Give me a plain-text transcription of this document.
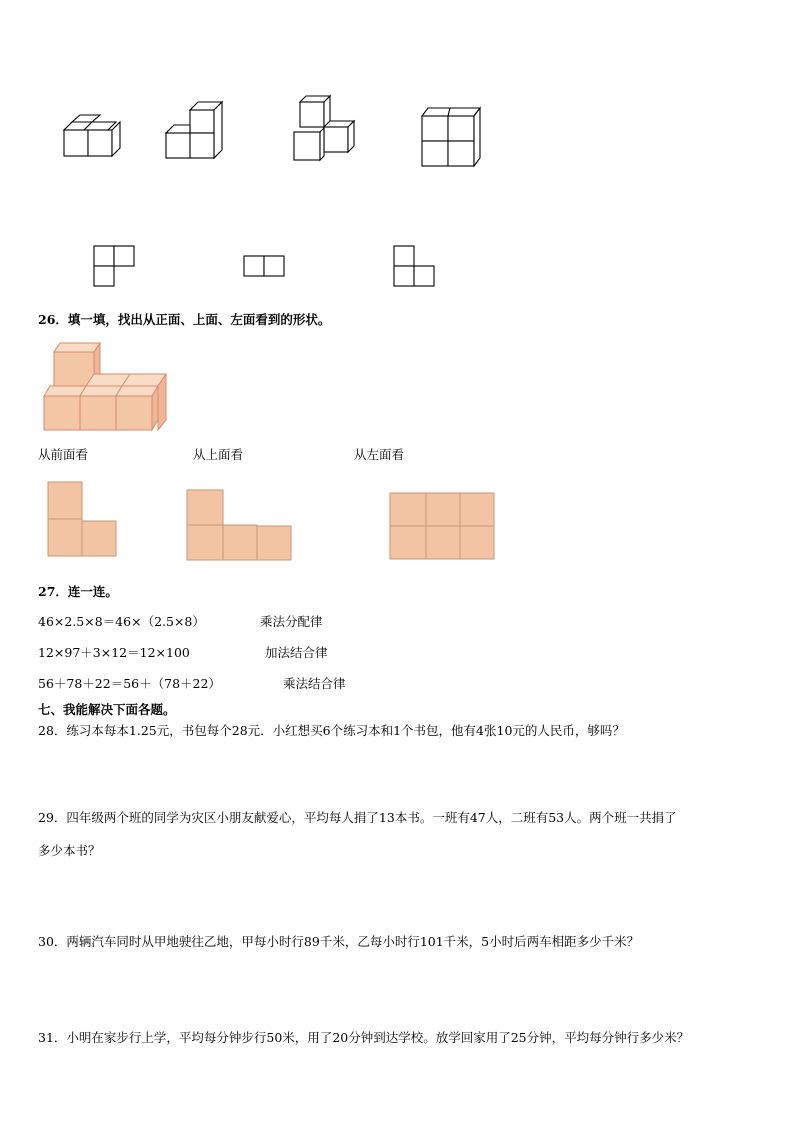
26．填一填，找出从正面、上面、左面看到的形状。
从前面看	从上面看	从左面看
27．连一连。
46×2.5×8＝46×（2.5×8）	乘法分配律
12×97＋3×12＝12×100	加法结合律
56＋78＋22＝56＋（78＋22）	乘法结合律
七、我能解决下面各题。
28．练习本每本1.25元，书包每个28元．小红想买6个练习本和1个书包，他有4张10元的人民币，够吗？
29．四年级两个班的同学为灾区小朋友献爱心，平均每人捐了13本书。一班有47人，二班有53人。两个班一共捐了
多少本书？
30．两辆汽车同时从甲地驶往乙地，甲每小时行89千米，乙每小时行101千米，5小时后两车相距多少千米？
31．小明在家步行上学，平均每分钟步行50米，用了20分钟到达学校。放学回家用了25分钟，平均每分钟行多少米？
